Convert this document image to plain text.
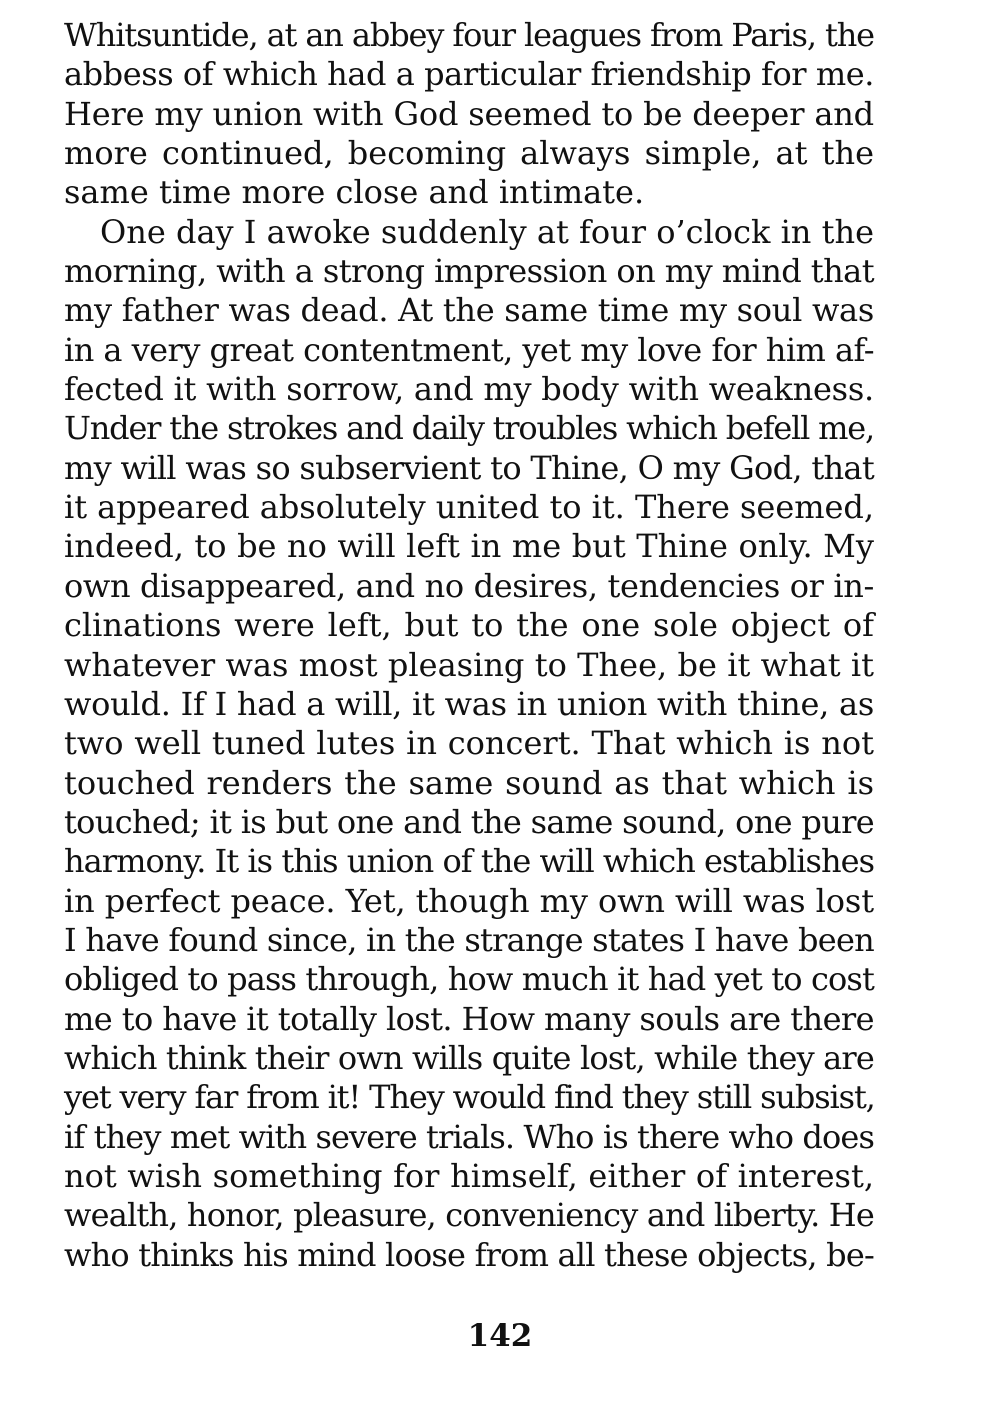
Whitsuntide, at an abbey four leagues from Paris, the
abbess of which had a particular friendship for me.
Here my union with God seemed to be deeper and
more continued, becoming always simple, at the
same time more close and intimate.
One day I awoke suddenly at four o’clock in the
morning, with a strong impression on my mind that
my father was dead. At the same time my soul was
in a very great contentment, yet my love for him af-
fected it with sorrow, and my body with weakness.
Under the strokes and daily troubles which befell me,
my will was so subservient to Thine, O my God, that
it appeared absolutely united to it. There seemed,
indeed, to be no will left in me but Thine only. My
own disappeared, and no desires, tendencies or in-
clinations were left, but to the one sole object of
whatever was most pleasing to Thee, be it what it
would. If I had a will, it was in union with thine, as
two well tuned lutes in concert. That which is not
touched renders the same sound as that which is
touched; it is but one and the same sound, one pure
harmony. It is this union of the will which establishes
in perfect peace. Yet, though my own will was lost
I have found since, in the strange states I have been
obliged to pass through, how much it had yet to cost
me to have it totally lost. How many souls are there
which think their own wills quite lost, while they are
yet very far from it! They would find they still subsist,
if they met with severe trials. Who is there who does
not wish something for himself, either of interest,
wealth, honor, pleasure, conveniency and liberty. He
who thinks his mind loose from all these objects, be-
142
